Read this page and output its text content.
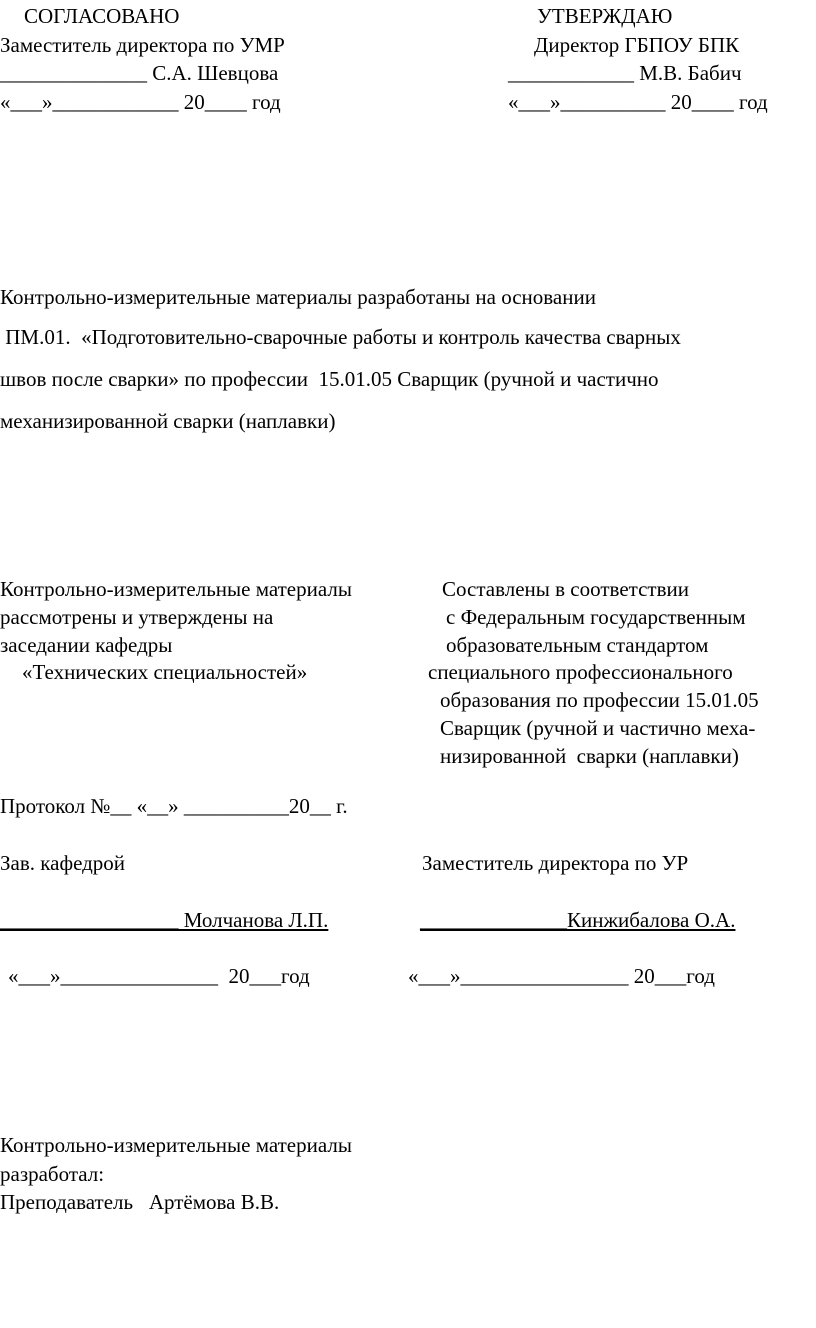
СОГЛАСОВАНО
Заместитель директора по УМР
______________ С.А. Шевцова
«___»____________ 20____ год
УТВЕРЖДАЮ
Директор ГБПОУ БПК
____________ М.В. Бабич
«___»__________ 20____ год
Контрольно-измерительные материалы разработаны на основании
ПМ.01.  «Подготовительно-сварочные работы и контроль качества сварных
швов после сварки» по профессии  15.01.05 Сварщик (ручной и частично
механизированной сварки (наплавки)
Контрольно-измерительные материалы
рассмотрены и утверждены на
заседании кафедры
«Технических специальностей»
Составлены в соответствии
с Федеральным государственным
образовательным стандартом
специального профессионального
образования по профессии 15.01.05
Сварщик (ручной и частично меха-
низированной  сварки (наплавки)
Протокол №__ «__» __________20__ г.
Зав. кафедрой	Заместитель директора по УР
_________________ Молчанова Л.П.	______________Кинжибалова О.А.
«___»_______________  20___год	«___»________________ 20___год
Контрольно-измерительные материалы
разработал:
Преподаватель   Артёмова В.В.
